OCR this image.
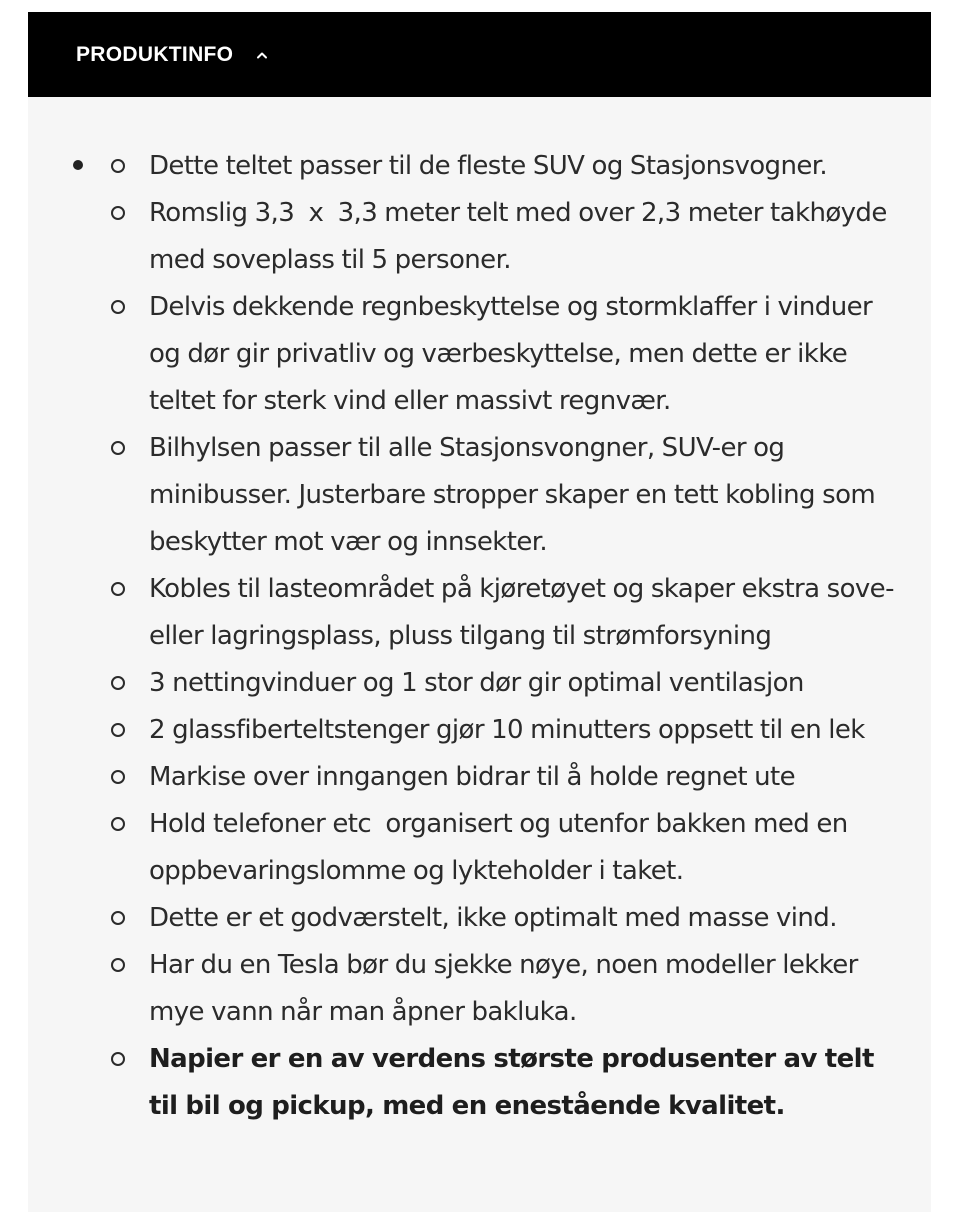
PRODUKTINFO
Dette teltet passer til de fleste SUV og Stasjonsvogner.
Romslig 3,3  x  3,3 meter telt med over 2,3 meter takhøyde med soveplass til 5 personer.
Delvis dekkende regnbeskyttelse og stormklaffer i vinduer og dør gir privatliv og værbeskyttelse, men dette er ikke teltet for sterk vind eller massivt regnvær.
Bilhylsen passer til alle Stasjonsvongner, SUV-er og minibusser. Justerbare stropper skaper en tett kobling som beskytter mot vær og innsekter.
Kobles til lasteområdet på kjøretøyet og skaper ekstra sove- eller lagringsplass, pluss tilgang til strømforsyning
3 nettingvinduer og 1 stor dør gir optimal ventilasjon
2 glassfiberteltstenger gjør 10 minutters oppsett til en lek
Markise over inngangen bidrar til å holde regnet ute
Hold telefoner etc  organisert og utenfor bakken med en oppbevaringslomme og lykteholder i taket.
Dette er et godværstelt, ikke optimalt med masse vind.
Har du en Tesla bør du sjekke nøye, noen modeller lekker mye vann når man åpner bakluka.
Napier er en av verdens største produsenter av telt til bil og pickup, med en enestående kvalitet.
